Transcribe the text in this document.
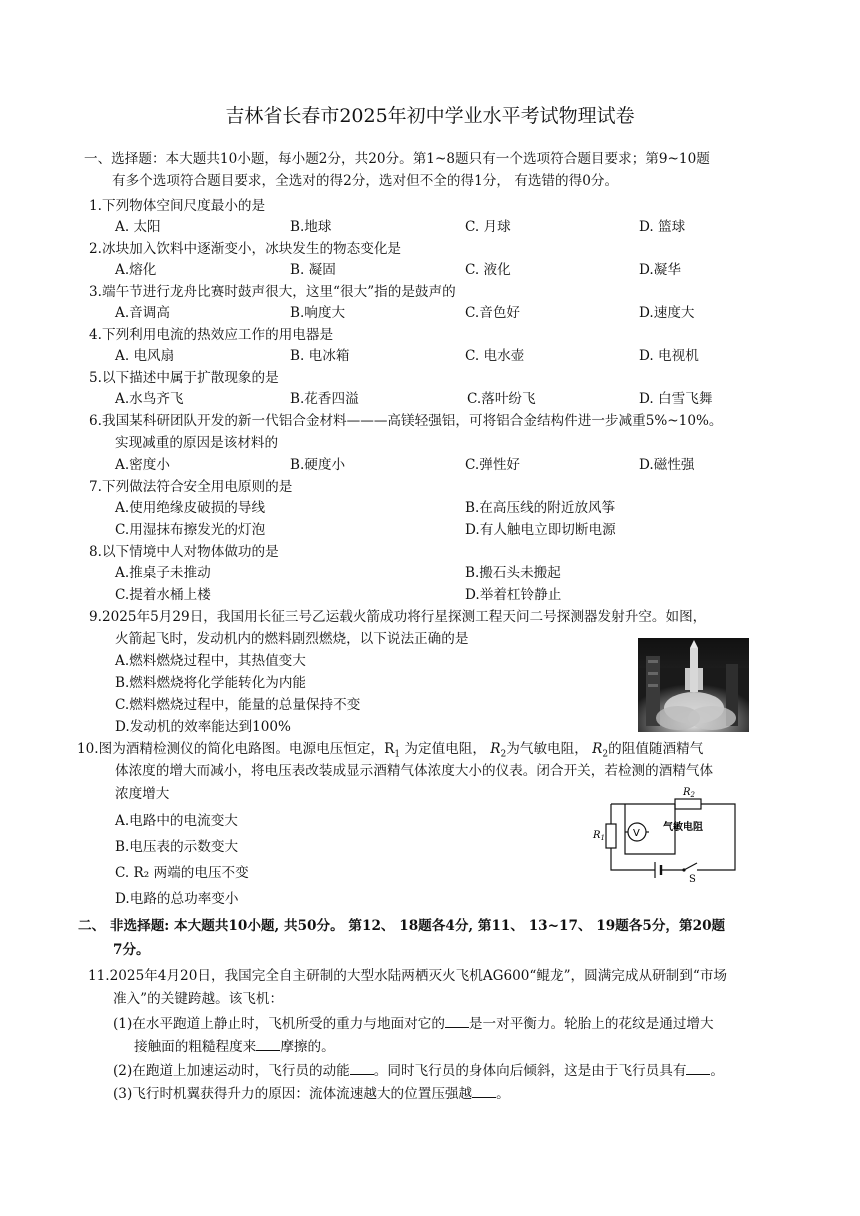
吉林省长春市2025年初中学业水平考试物理试卷
一、选择题：本大题共10小题，每小题2分，共20分。第1~8题只有一个选项符合题目要求；第9~10题
有多个选项符合题目要求，全选对的得2分，选对但不全的得1分， 有选错的得0分。
1.下列物体空间尺度最小的是
A. 太阳	B.地球	C. 月球	D. 篮球
2.冰块加入饮料中逐渐变小，冰块发生的物态变化是
A.熔化	B. 凝固	C. 液化	D.凝华
3.端午节进行龙舟比赛时鼓声很大，这里“很大”指的是鼓声的
A.音调高	B.响度大	C.音色好	D.速度大
4.下列利用电流的热效应工作的用电器是
A. 电风扇	B. 电冰箱	C. 电水壶	D. 电视机
5.以下描述中属于扩散现象的是
A.水鸟齐飞	B.花香四溢	C.落叶纷飞	D. 白雪飞舞
6.我国某科研团队开发的新一代铝合金材料———高镁轻强铝，可将铝合金结构件进一步减重5%~10%。
实现减重的原因是该材料的
A.密度小	B.硬度小	C.弹性好	D.磁性强
7.下列做法符合安全用电原则的是
A.使用绝缘皮破损的导线	B.在高压线的附近放风筝
C.用湿抹布擦发光的灯泡	D.有人触电立即切断电源
8.以下情境中人对物体做功的是
A.推桌子未推动	B.搬石头未搬起
C.提着水桶上楼	D.举着杠铃静止
9.2025年5月29日，我国用长征三号乙运载火箭成功将行星探测工程天问二号探测器发射升空。如图，
火箭起飞时，发动机内的燃料剧烈燃烧，以下说法正确的是
A.燃料燃烧过程中，其热值变大
B.燃料燃烧将化学能转化为内能
C.燃料燃烧过程中，能量的总量保持不变
D.发动机的效率能达到100%
10.图为酒精检测仪的简化电路图。电源电压恒定，$R_1$ 为定值电阻， $R_2$为气敏电阻， $R_2$的阻值随酒精气
体浓度的增大而减小，将电压表改装成显示酒精气体浓度大小的仪表。闭合开关，若检测的酒精气体
浓度增大
A.电路中的电流变大
B.电压表的示数变大
C. R₂ 两端的电压不变
D.电路的总功率变小
$R_2$
$R_1$	V
气敏电阻
S
二、 非选择题: 本大题共10小题, 共50分。 第12、 18题各4分, 第11、 13~17、 19题各5分，第20题
7分。
11.2025年4月20日，我国完全自主研制的大型水陆两栖灭火飞机AG600“鲲龙”，圆满完成从研制到“市场
准入”的关键跨越。该飞机：
(1)在水平跑道上静止时，飞机所受的重力与地面对它的 是一对平衡力。轮胎上的花纹是通过增大
接触面的粗糙程度来 摩擦的。
(2)在跑道上加速运动时，飞行员的动能 。同时飞行员的身体向后倾斜，这是由于飞行员具有 。
(3)飞行时机翼获得升力的原因：流体流速越大的位置压强越 。
